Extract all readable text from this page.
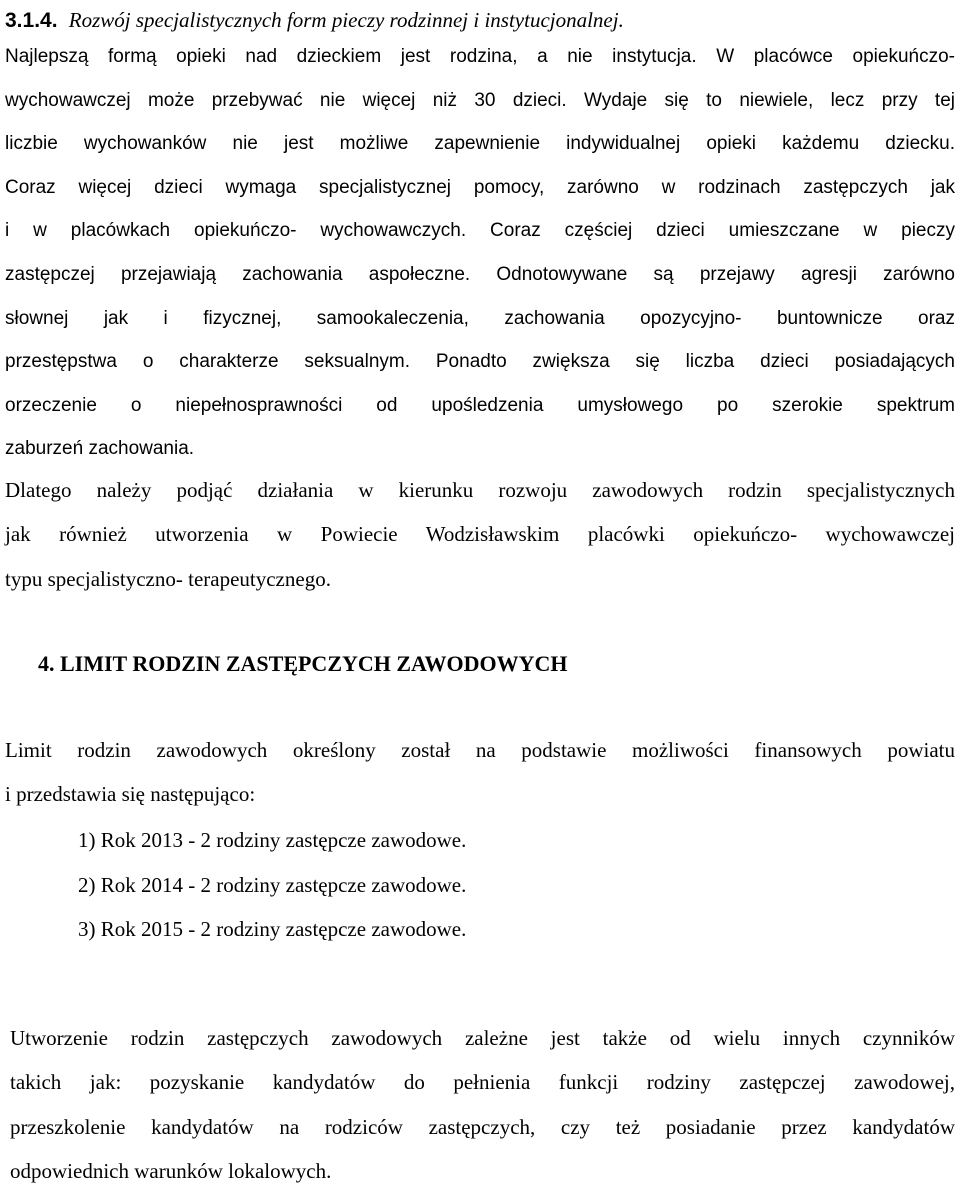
3.1.4. Rozwój specjalistycznych form pieczy rodzinnej i instytucjonalnej.
Najlepszą formą opieki nad dzieckiem jest rodzina, a nie instytucja. W placówce opiekuńczo-
wychowawczej może przebywać nie więcej niż 30 dzieci. Wydaje się to niewiele, lecz przy tej
liczbie wychowanków nie jest możliwe zapewnienie indywidualnej opieki każdemu dziecku.
Coraz więcej dzieci wymaga specjalistycznej pomocy, zarówno w rodzinach zastępczych jak
i w placówkach opiekuńczo- wychowawczych. Coraz częściej dzieci umieszczane w pieczy
zastępczej przejawiają zachowania aspołeczne. Odnotowywane są przejawy agresji zarówno
słownej jak i fizycznej, samookaleczenia, zachowania opozycyjno- buntownicze oraz
przestępstwa o charakterze seksualnym. Ponadto zwiększa się liczba dzieci posiadających
orzeczenie o niepełnosprawności od upośledzenia umysłowego po szerokie spektrum
zaburzeń zachowania.
Dlatego należy podjąć działania w kierunku rozwoju zawodowych rodzin specjalistycznych
jak również utworzenia w Powiecie Wodzisławskim placówki opiekuńczo- wychowawczej
typu specjalistyczno- terapeutycznego.
4. LIMIT RODZIN ZASTĘPCZYCH ZAWODOWYCH
Limit rodzin zawodowych określony został na podstawie możliwości finansowych powiatu
i przedstawia się następująco:
1) Rok 2013 - 2 rodziny zastępcze zawodowe.
2) Rok 2014 - 2 rodziny zastępcze zawodowe.
3) Rok 2015 - 2 rodziny zastępcze zawodowe.
Utworzenie rodzin zastępczych zawodowych zależne jest także od wielu innych czynników
takich jak: pozyskanie kandydatów do pełnienia funkcji rodziny zastępczej zawodowej,
przeszkolenie kandydatów na rodziców zastępczych, czy też posiadanie przez kandydatów
odpowiednich warunków lokalowych.
